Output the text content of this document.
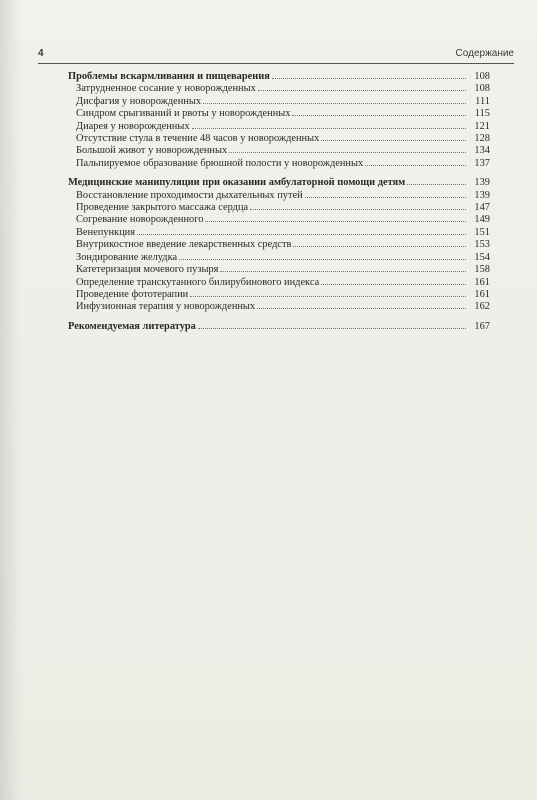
4	Содержание
Проблемы вскармливания и пищеварения	108
Затрудненное сосание у новорожденных	108
Дисфагия у новорожденных	111
Синдром срыгиваний и рвоты у новорожденных	115
Диарея у новорожденных	121
Отсутствие стула в течение 48 часов у новорожденных	128
Большой живот у новорожденных	134
Пальпируемое образование брюшной полости у новорожденных	137
Медицинские манипуляции при оказании амбулаторной помощи детям	139
Восстановление проходимости дыхательных путей	139
Проведение закрытого массажа сердца	147
Согревание новорожденного	149
Венепункция	151
Внутрикостное введение лекарственных средств	153
Зондирование желудка	154
Катетеризация мочевого пузыря	158
Определение транскутанного билирубинового индекса	161
Проведение фототерапии	161
Инфузионная терапия у новорожденных	162
Рекомендуемая литература	167
